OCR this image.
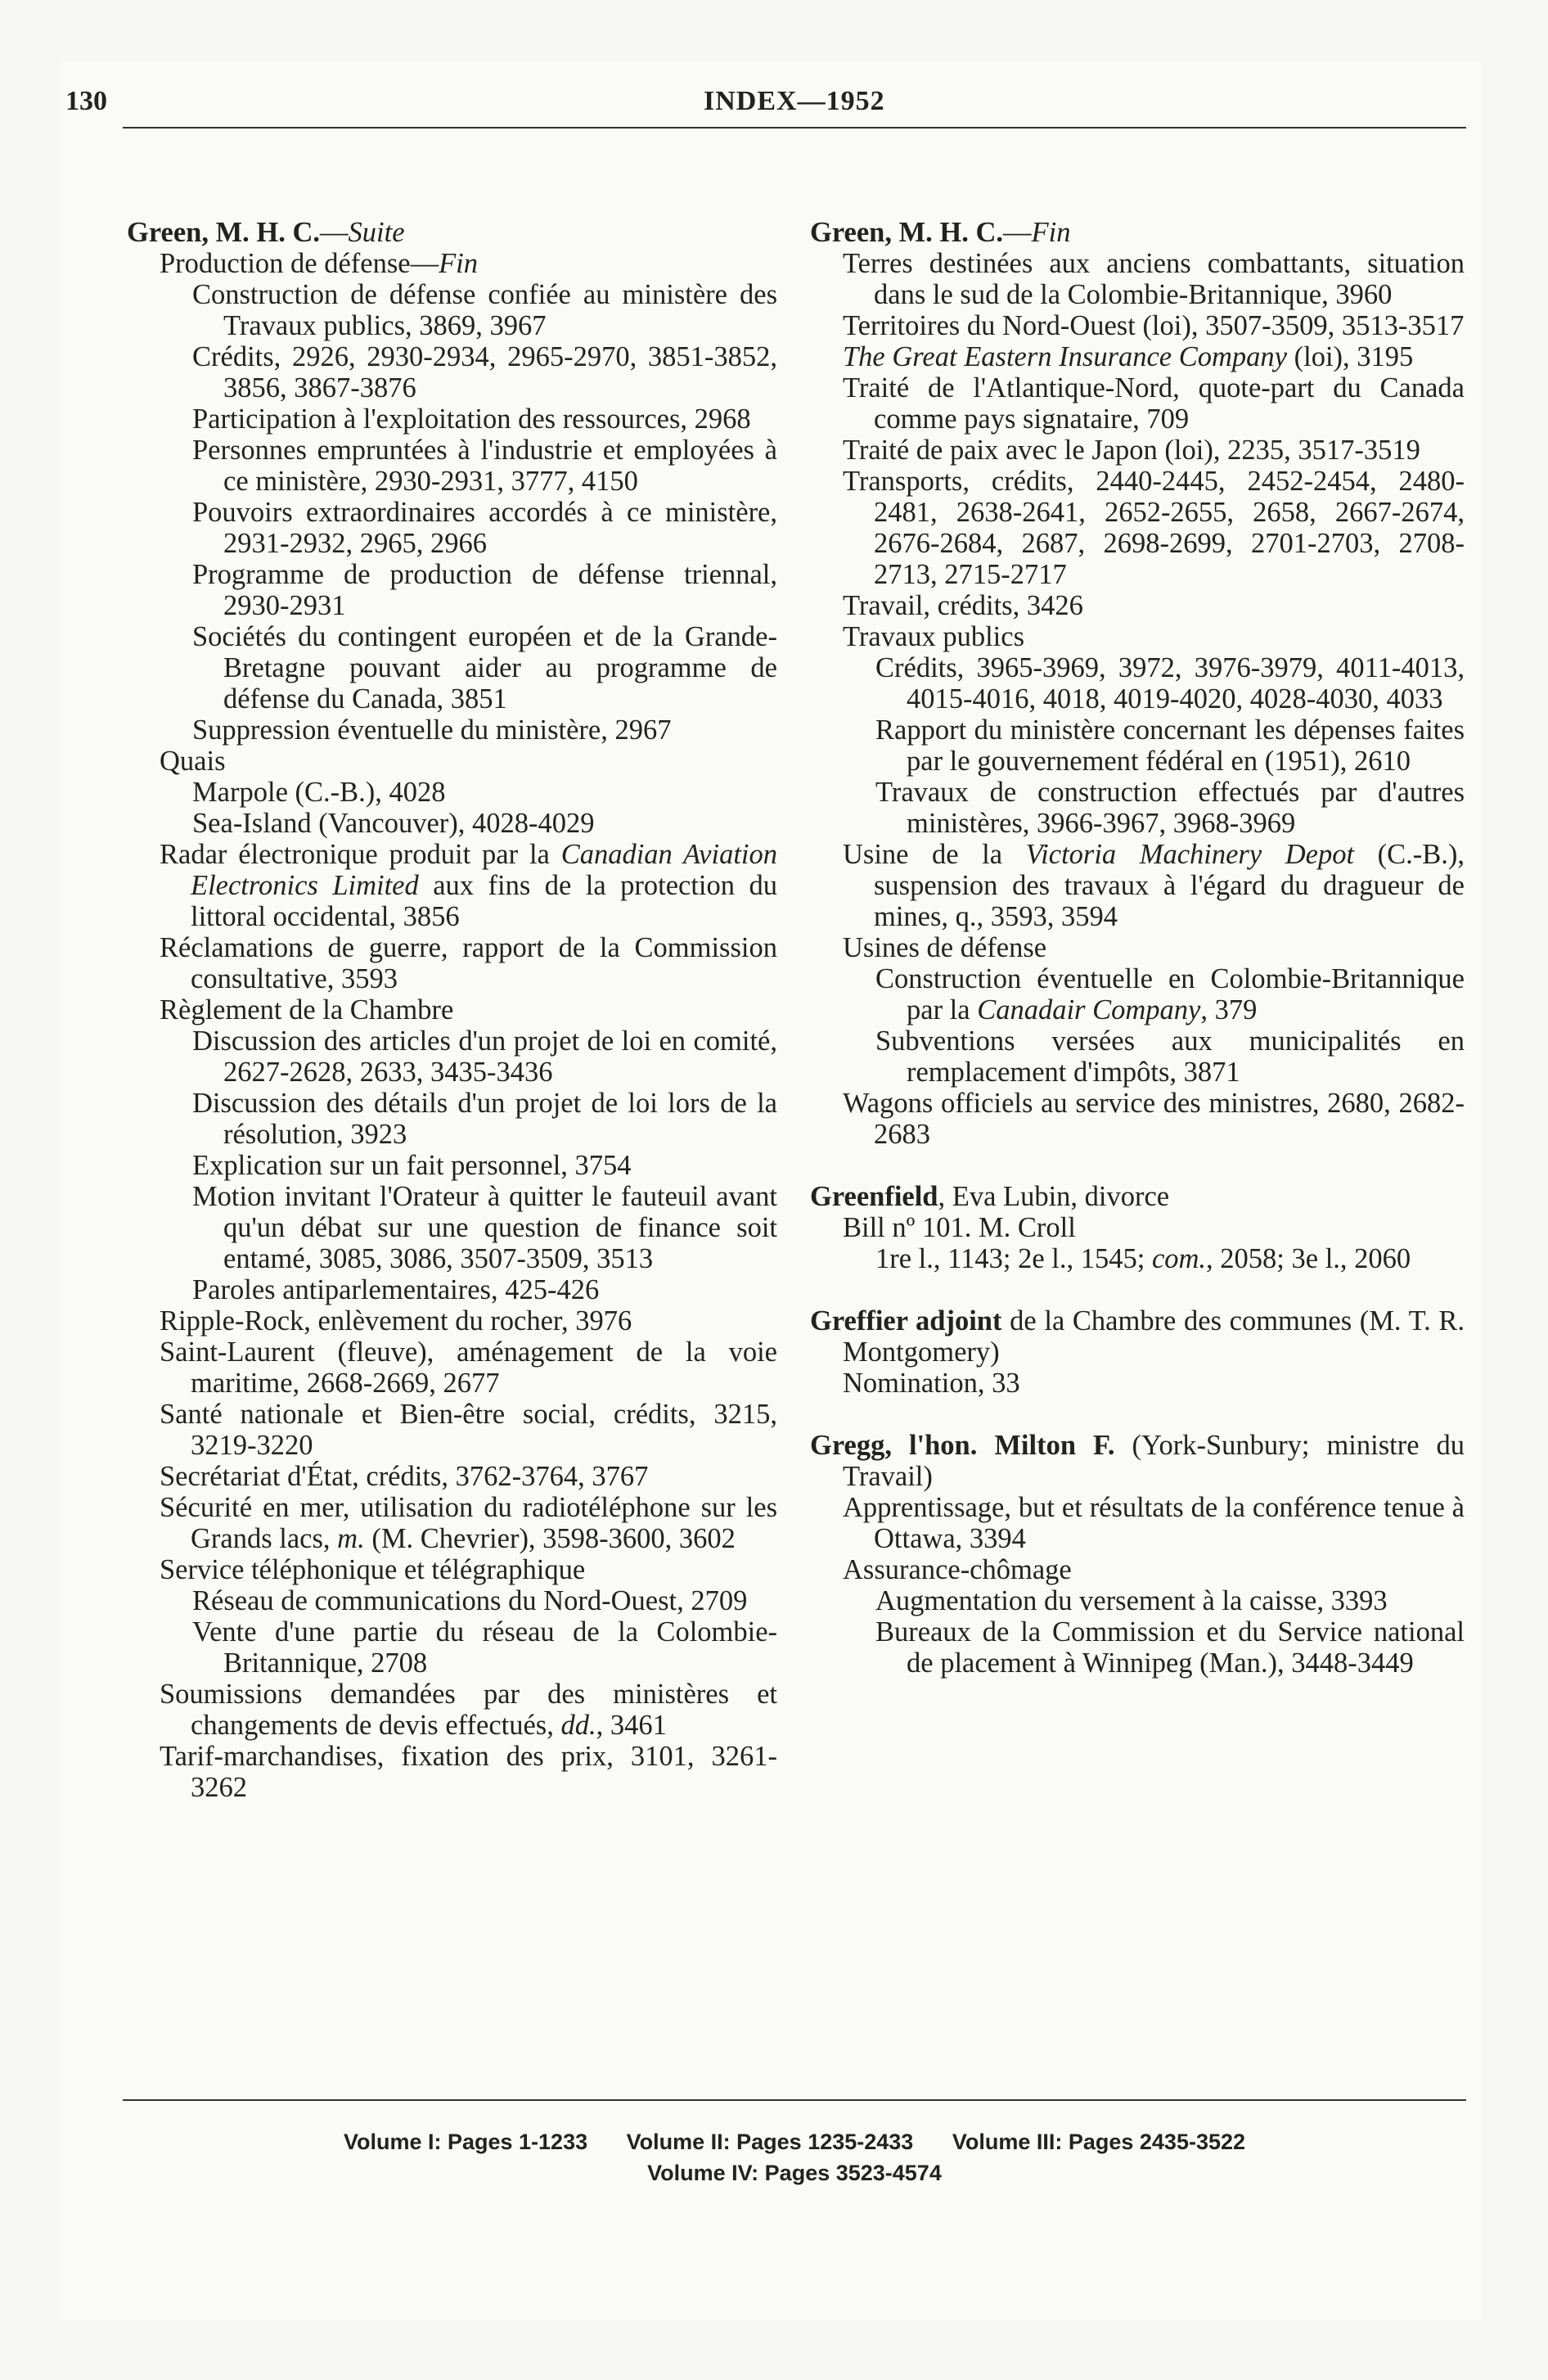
130	INDEX—1952
Green, M. H. C.—Suite
Production de défense—Fin
Construction de défense confiée au ministère des Travaux publics, 3869, 3967
Crédits, 2926, 2930-2934, 2965-2970, 3851-3852, 3856, 3867-3876
Participation à l'exploitation des ressources, 2968
Personnes empruntées à l'industrie et employées à ce ministère, 2930-2931, 3777, 4150
Pouvoirs extraordinaires accordés à ce ministère, 2931-2932, 2965, 2966
Programme de production de défense triennal, 2930-2931
Sociétés du contingent européen et de la Grande-Bretagne pouvant aider au programme de défense du Canada, 3851
Suppression éventuelle du ministère, 2967
Quais
Marpole (C.-B.), 4028
Sea-Island (Vancouver), 4028-4029
Radar électronique produit par la Canadian Aviation Electronics Limited aux fins de la protection du littoral occidental, 3856
Réclamations de guerre, rapport de la Commission consultative, 3593
Règlement de la Chambre
Discussion des articles d'un projet de loi en comité, 2627-2628, 2633, 3435-3436
Discussion des détails d'un projet de loi lors de la résolution, 3923
Explication sur un fait personnel, 3754
Motion invitant l'Orateur à quitter le fauteuil avant qu'un débat sur une question de finance soit entamé, 3085, 3086, 3507-3509, 3513
Paroles antiparlementaires, 425-426
Ripple-Rock, enlèvement du rocher, 3976
Saint-Laurent (fleuve), aménagement de la voie maritime, 2668-2669, 2677
Santé nationale et Bien-être social, crédits, 3215, 3219-3220
Secrétariat d'État, crédits, 3762-3764, 3767
Sécurité en mer, utilisation du radiotéléphone sur les Grands lacs, m. (M. Chevrier), 3598-3600, 3602
Service téléphonique et télégraphique
Réseau de communications du Nord-Ouest, 2709
Vente d'une partie du réseau de la Colombie-Britannique, 2708
Soumissions demandées par des ministères et changements de devis effectués, dd., 3461
Tarif-marchandises, fixation des prix, 3101, 3261-3262
Green, M. H. C.—Fin
Terres destinées aux anciens combattants, situation dans le sud de la Colombie-Britannique, 3960
Territoires du Nord-Ouest (loi), 3507-3509, 3513-3517
The Great Eastern Insurance Company (loi), 3195
Traité de l'Atlantique-Nord, quote-part du Canada comme pays signataire, 709
Traité de paix avec le Japon (loi), 2235, 3517-3519
Transports, crédits, 2440-2445, 2452-2454, 2480-2481, 2638-2641, 2652-2655, 2658, 2667-2674, 2676-2684, 2687, 2698-2699, 2701-2703, 2708-2713, 2715-2717
Travail, crédits, 3426
Travaux publics
Crédits, 3965-3969, 3972, 3976-3979, 4011-4013, 4015-4016, 4018, 4019-4020, 4028-4030, 4033
Rapport du ministère concernant les dépenses faites par le gouvernement fédéral en (1951), 2610
Travaux de construction effectués par d'autres ministères, 3966-3967, 3968-3969
Usine de la Victoria Machinery Depot (C.-B.), suspension des travaux à l'égard du dragueur de mines, q., 3593, 3594
Usines de défense
Construction éventuelle en Colombie-Britannique par la Canadair Company, 379
Subventions versées aux municipalités en remplacement d'impôts, 3871
Wagons officiels au service des ministres, 2680, 2682-2683
Greenfield, Eva Lubin, divorce
Bill nº 101. M. Croll
1re l., 1143; 2e l., 1545; com., 2058; 3e l., 2060
Greffier adjoint de la Chambre des communes (M. T. R. Montgomery)
Nomination, 33
Gregg, l'hon. Milton F. (York-Sunbury; ministre du Travail)
Apprentissage, but et résultats de la conférence tenue à Ottawa, 3394
Assurance-chômage
Augmentation du versement à la caisse, 3393
Bureaux de la Commission et du Service national de placement à Winnipeg (Man.), 3448-3449
Volume I: Pages 1-1233 Volume II: Pages 1235-2433 Volume III: Pages 2435-3522
Volume IV: Pages 3523-4574
